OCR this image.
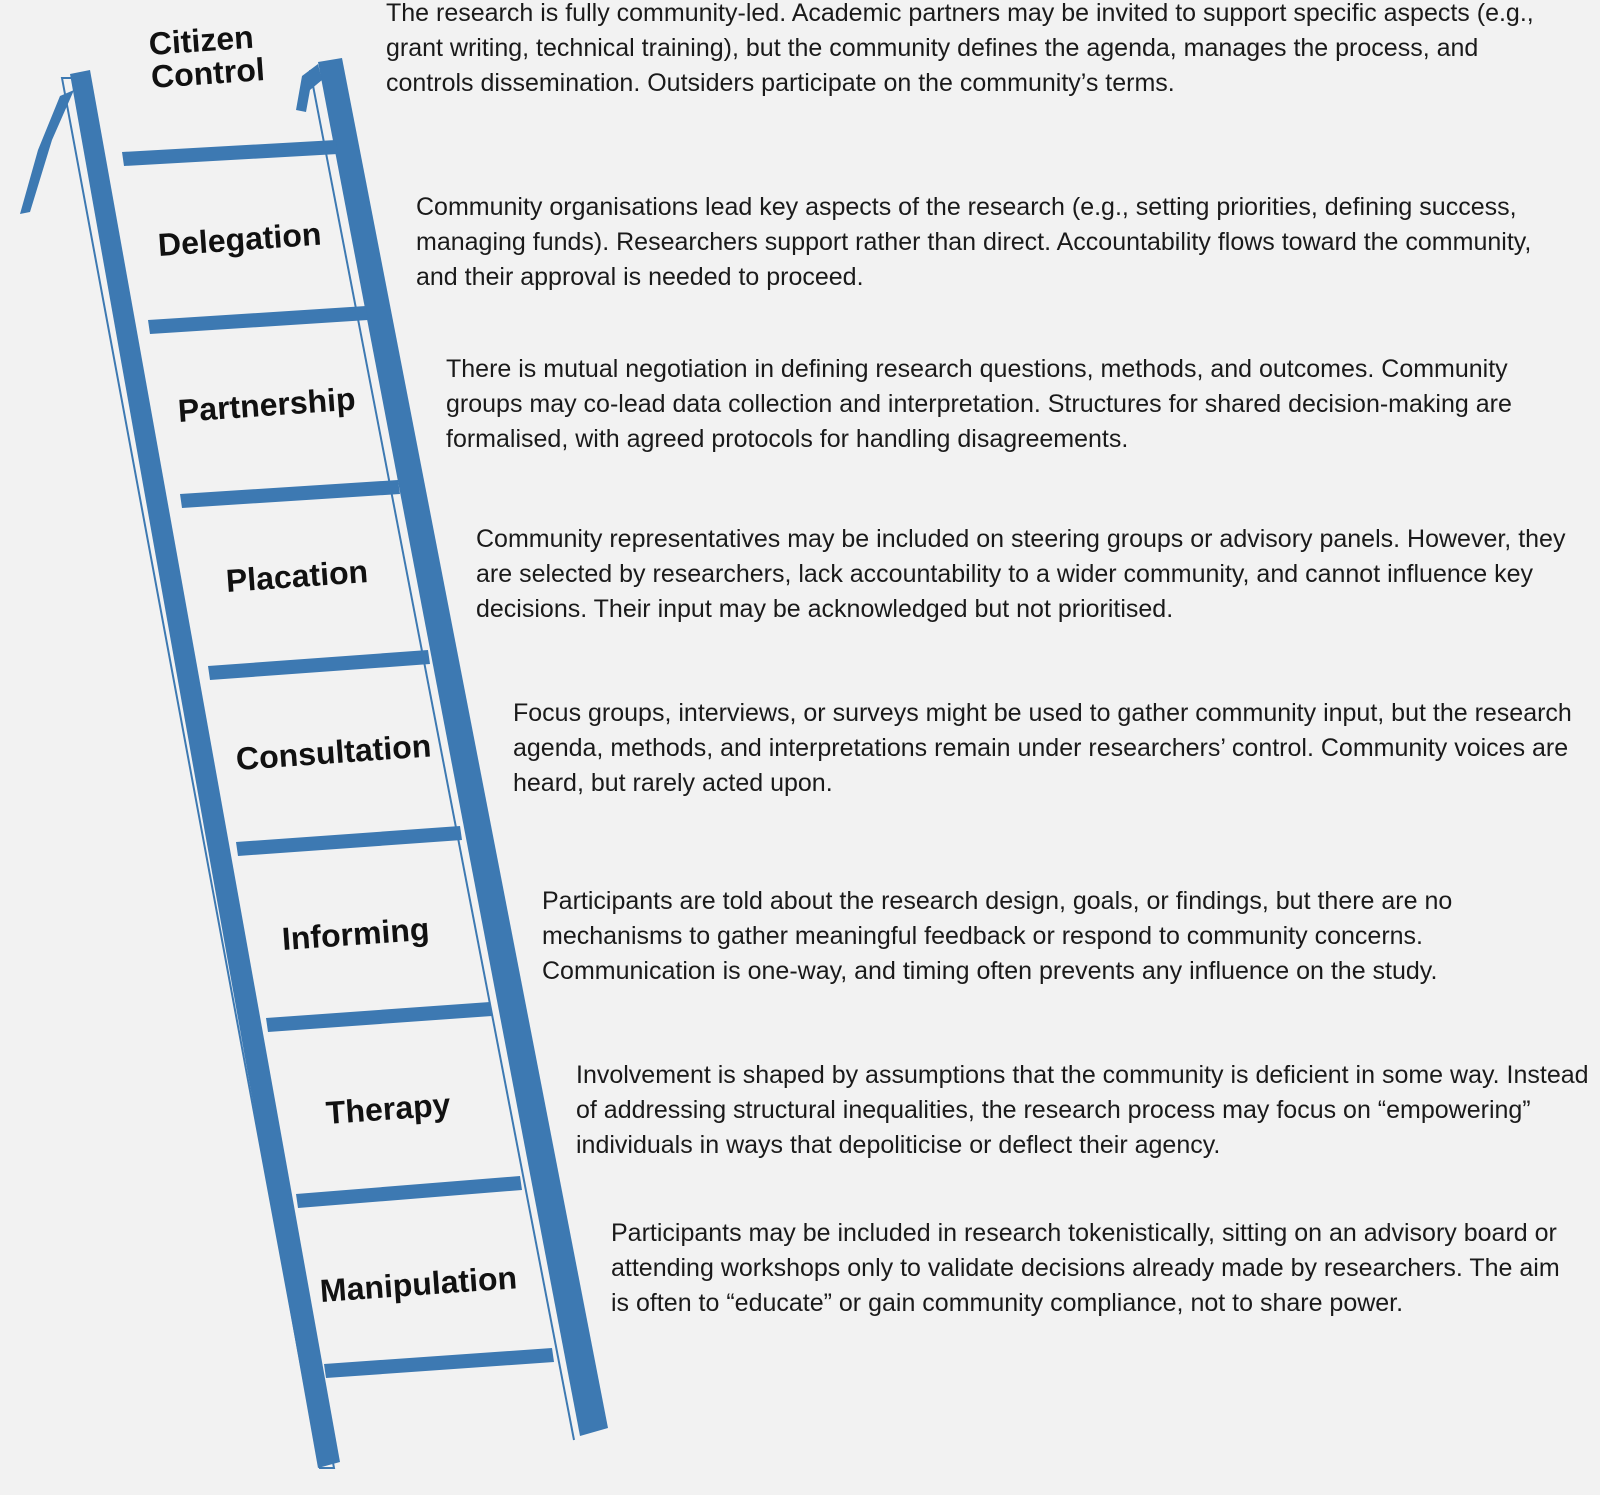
Citizen Control
Delegation
Partnership
Placation
Consultation
Informing
Therapy
Manipulation
The research is fully community-led. Academic partners may be invited to support specific aspects (e.g., grant writing, technical training), but the community defines the agenda, manages the process, and controls dissemination. Outsiders participate on the community’s terms.
Community organisations lead key aspects of the research (e.g., setting priorities, defining success, managing funds). Researchers support rather than direct. Accountability flows toward the community, and their approval is needed to proceed.
There is mutual negotiation in defining research questions, methods, and outcomes. Community groups may co-lead data collection and interpretation. Structures for shared decision-making are formalised, with agreed protocols for handling disagreements.
Community representatives may be included on steering groups or advisory panels. However, they are selected by researchers, lack accountability to a wider community, and cannot influence key decisions. Their input may be acknowledged but not prioritised.
Focus groups, interviews, or surveys might be used to gather community input, but the research agenda, methods, and interpretations remain under researchers’ control. Community voices are heard, but rarely acted upon.
Participants are told about the research design, goals, or findings, but there are no mechanisms to gather meaningful feedback or respond to community concerns. Communication is one-way, and timing often prevents any influence on the study.
Involvement is shaped by assumptions that the community is deficient in some way. Instead of addressing structural inequalities, the research process may focus on “empowering” individuals in ways that depoliticise or deflect their agency.
Participants may be included in research tokenistically, sitting on an advisory board or attending workshops only to validate decisions already made by researchers. The aim is often to “educate” or gain community compliance, not to share power.
